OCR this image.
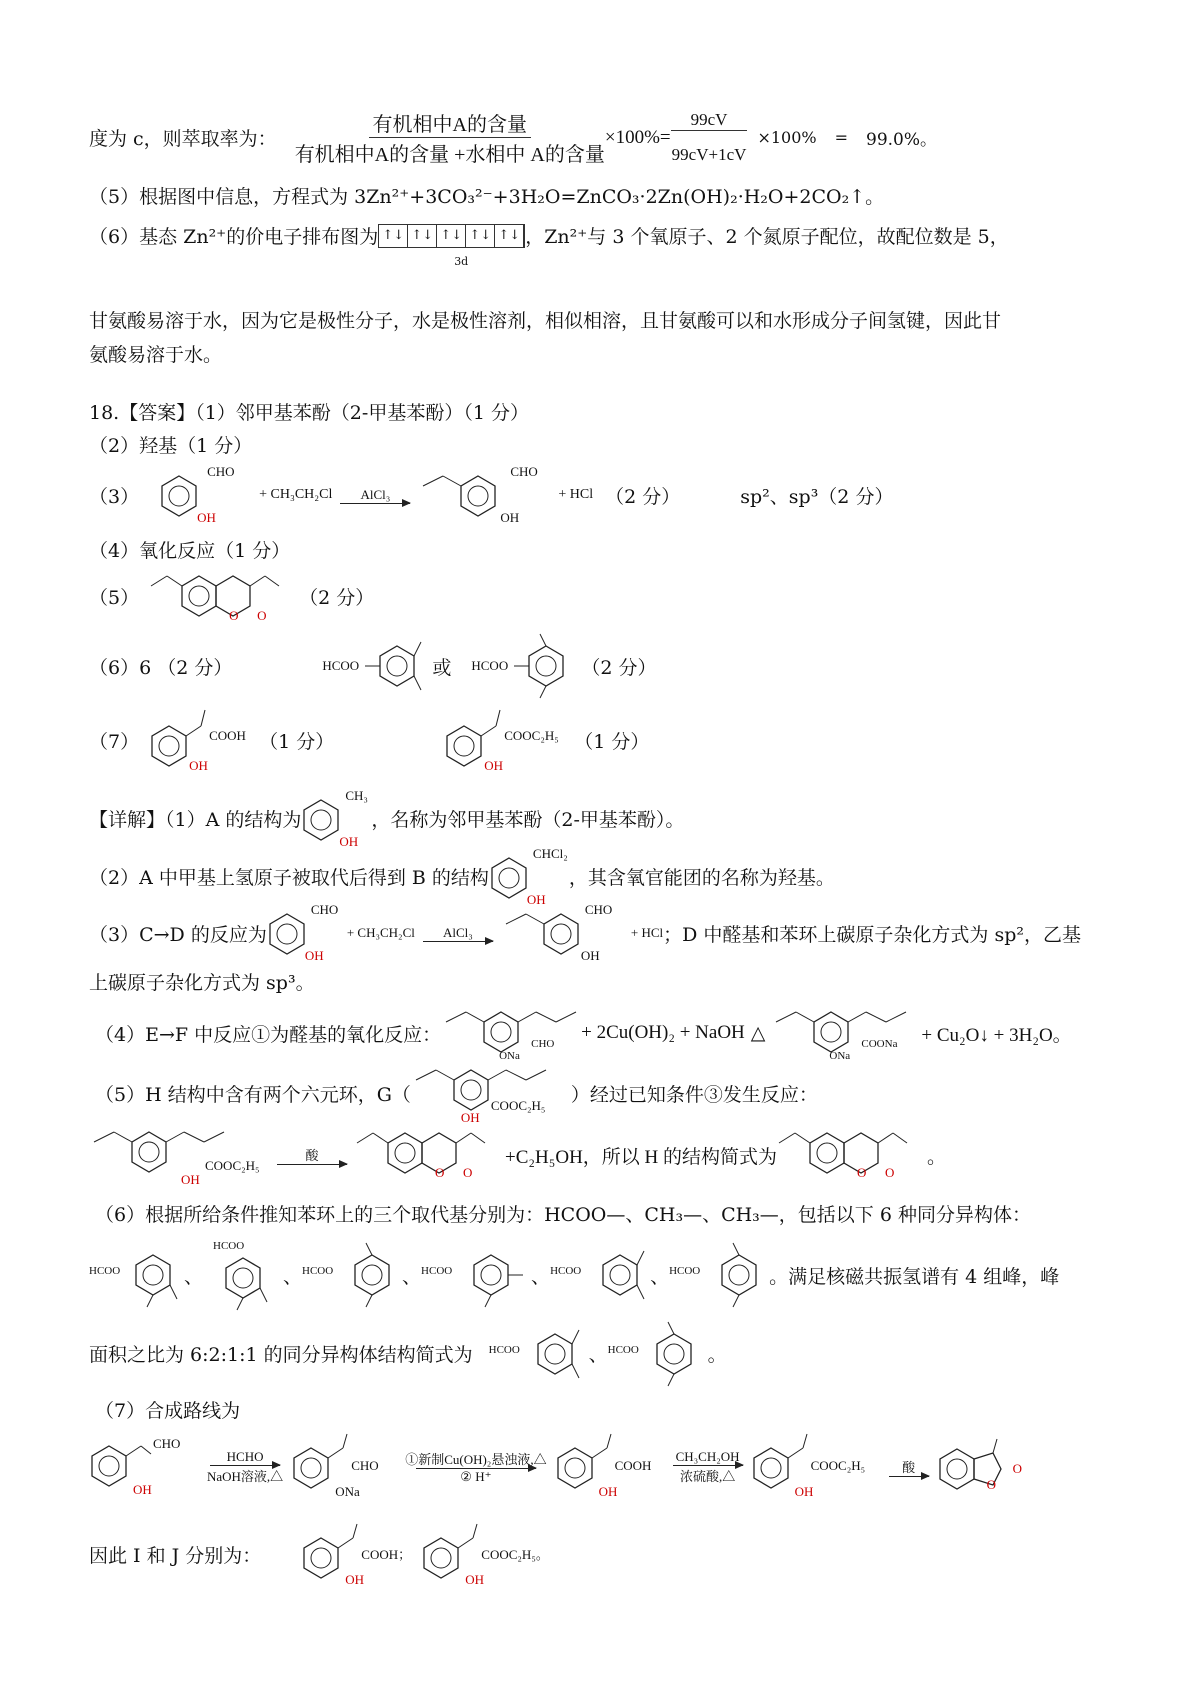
度为 c，则萃取率为： $\frac{\text{有机相中A的含量}}{\text{有机相中A的含量 +水相中 A的含量}} \times 100\%= \frac{99cV}{99cV+1cV} \times 100\% = 99.0\%$。
（5）根据图中信息，方程式为 3Zn²⁺+3CO₃²⁻+3H₂O=ZnCO₃·2Zn(OH)₂·H₂O+2CO₂↑。
（6）基态 Zn²⁺的价电子排布图为 ↑↓ ↑↓ ↑↓ ↑↓ ↑↓
3d
，Zn²⁺与 3 个氧原子、2 个氮原子配位，故配位数是 5，
甘氨酸易溶于水，因为它是极性分子，水是极性溶剂，相似相溶，且甘氨酸可以和水形成分子间氢键，因此甘
氨酸易溶于水。
18.【答案】（1）邻甲基苯酚（2-甲基苯酚）（1 分）
（2）羟基（1 分）
（3）
CHO
OH
+ CH₃CH₂Cl AlCl₃
CHO
OH
+ HCl （2 分）	sp²、sp³（2 分）
（4）氧化反应（1 分）
（5）
O O
（2 分）
（6）6 （2 分）	HCOO	或 HCOO	（2 分）
（7）	COOH
OH
（1 分）	COOC₂H₅
OH
（1 分）
【详解】（1）A 的结构为
CH₃
OH
，名称为邻甲基苯酚（2-甲基苯酚）。
（2）A 中甲基上氢原子被取代后得到 B 的结构
CHCl₂
OH
，其含氧官能团的名称为羟基。
（3）C→D 的反应为
CHO
OH
+ CH₃CH₂Cl AlCl₃
CHO
OH
+ HCl ；D 中醛基和苯环上碳原子杂化方式为 sp²，乙基
上碳原子杂化方式为 sp³。
（4）E→F 中反应①为醛基的氧化反应：
ONa
CHO
+ 2Cu(OH)₂ + NaOH △
ONa
COONa + Cu₂O↓ + 3H₂O。
（5）H 结构中含有两个六元环，G（
OH
COOC₂H₅ ）经过已知条件③发生反应：
OH
COOC₂H₅
酸
O O
+C₂H₅OH，所以 H 的结构简式为
O O
。
（6）根据所给条件推知苯环上的三个取代基分别为：HCOO—、CH₃—、CH₃—，包括以下 6 种同分异构体：
HCOO	、
HCOO
、 HCOO	、 HCOO	、 HCOO	、 HCOO	。满足核磁共振氢谱有 4 组峰，峰
面积之比为 6:2:1:1 的同分异构体结构简式为 HCOO	、 HCOO	。
（7）合成路线为
CHO
OH
HCHO
NaOH溶液,△
CHO
ONa
①新制Cu(OH)₂悬浊液,△
② H⁺
COOH
OH
CH₃CH₂OH
浓硫酸,△
COOC₂H₅
OH
酸
O
O
因此 I 和 J 分别为：	COOH；
OH
COOC₂H₅。
OH
